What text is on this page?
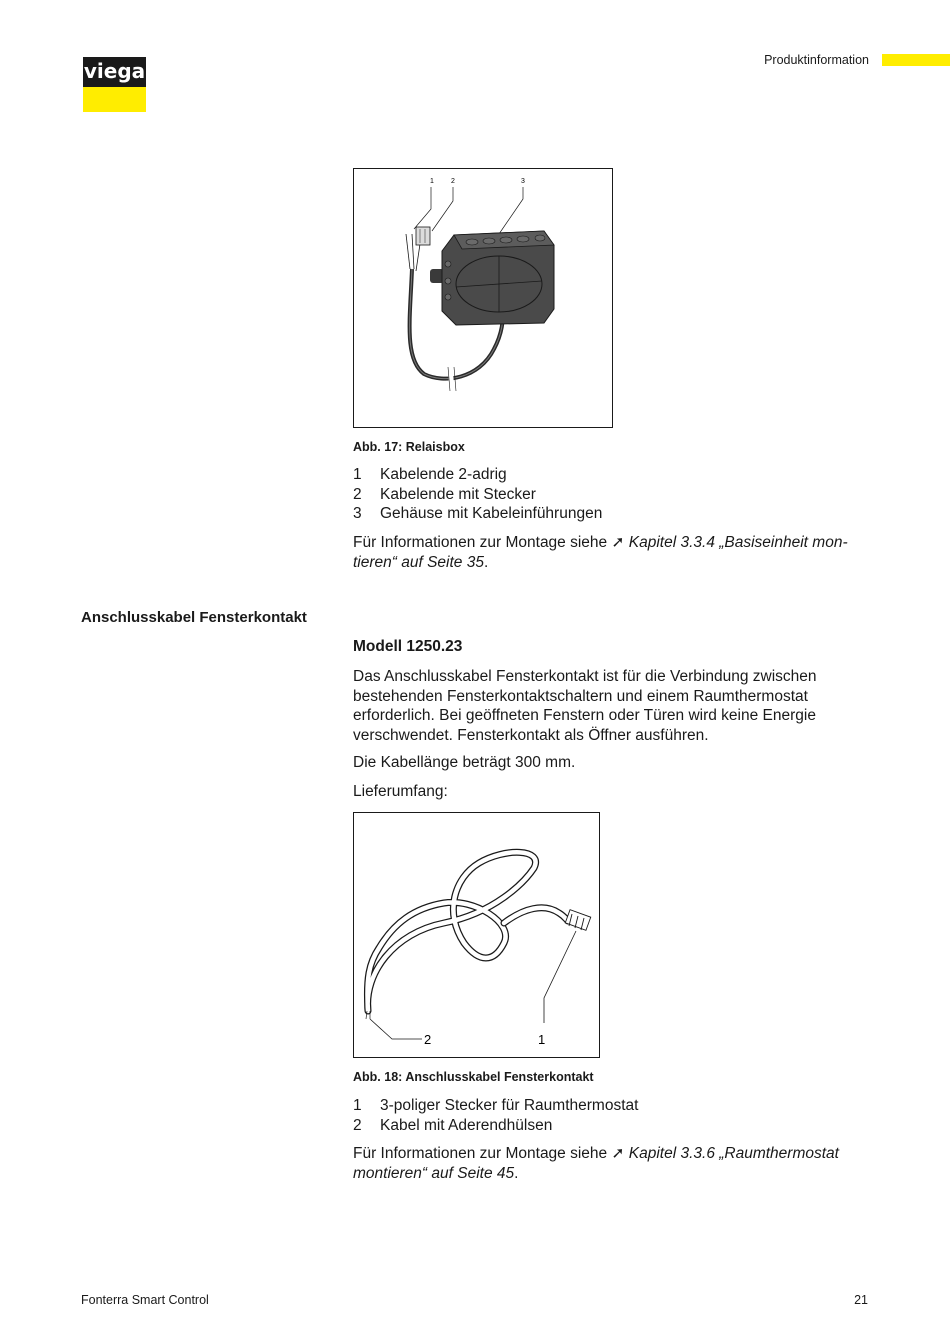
viega	Produktinformation
1 2	3
Abb. 17: Relaisbox
1	Kabelende 2-adrig
2	Kabelende mit Stecker
3	Gehäuse mit Kabeleinführungen
Für Informationen zur Montage siehe ➚ Kapitel 3.3.4 „Basiseinheit mon-tieren“ auf Seite 35.
Anschlusskabel Fensterkontakt
Modell 1250.23
Das Anschlusskabel Fensterkontakt ist für die Verbindung zwischen bestehenden Fensterkontaktschaltern und einem Raumthermostat erforderlich. Bei geöffneten Fenstern oder Türen wird keine Energie verschwendet. Fensterkontakt als Öffner ausführen.
Die Kabellänge beträgt 300 mm.
Lieferumfang:
2	1
Abb. 18: Anschlusskabel Fensterkontakt
1	3-poliger Stecker für Raumthermostat
2	Kabel mit Aderendhülsen
Für Informationen zur Montage siehe ➚ Kapitel 3.3.6 „Raumthermostat montieren“ auf Seite 45.
Fonterra Smart Control	21
